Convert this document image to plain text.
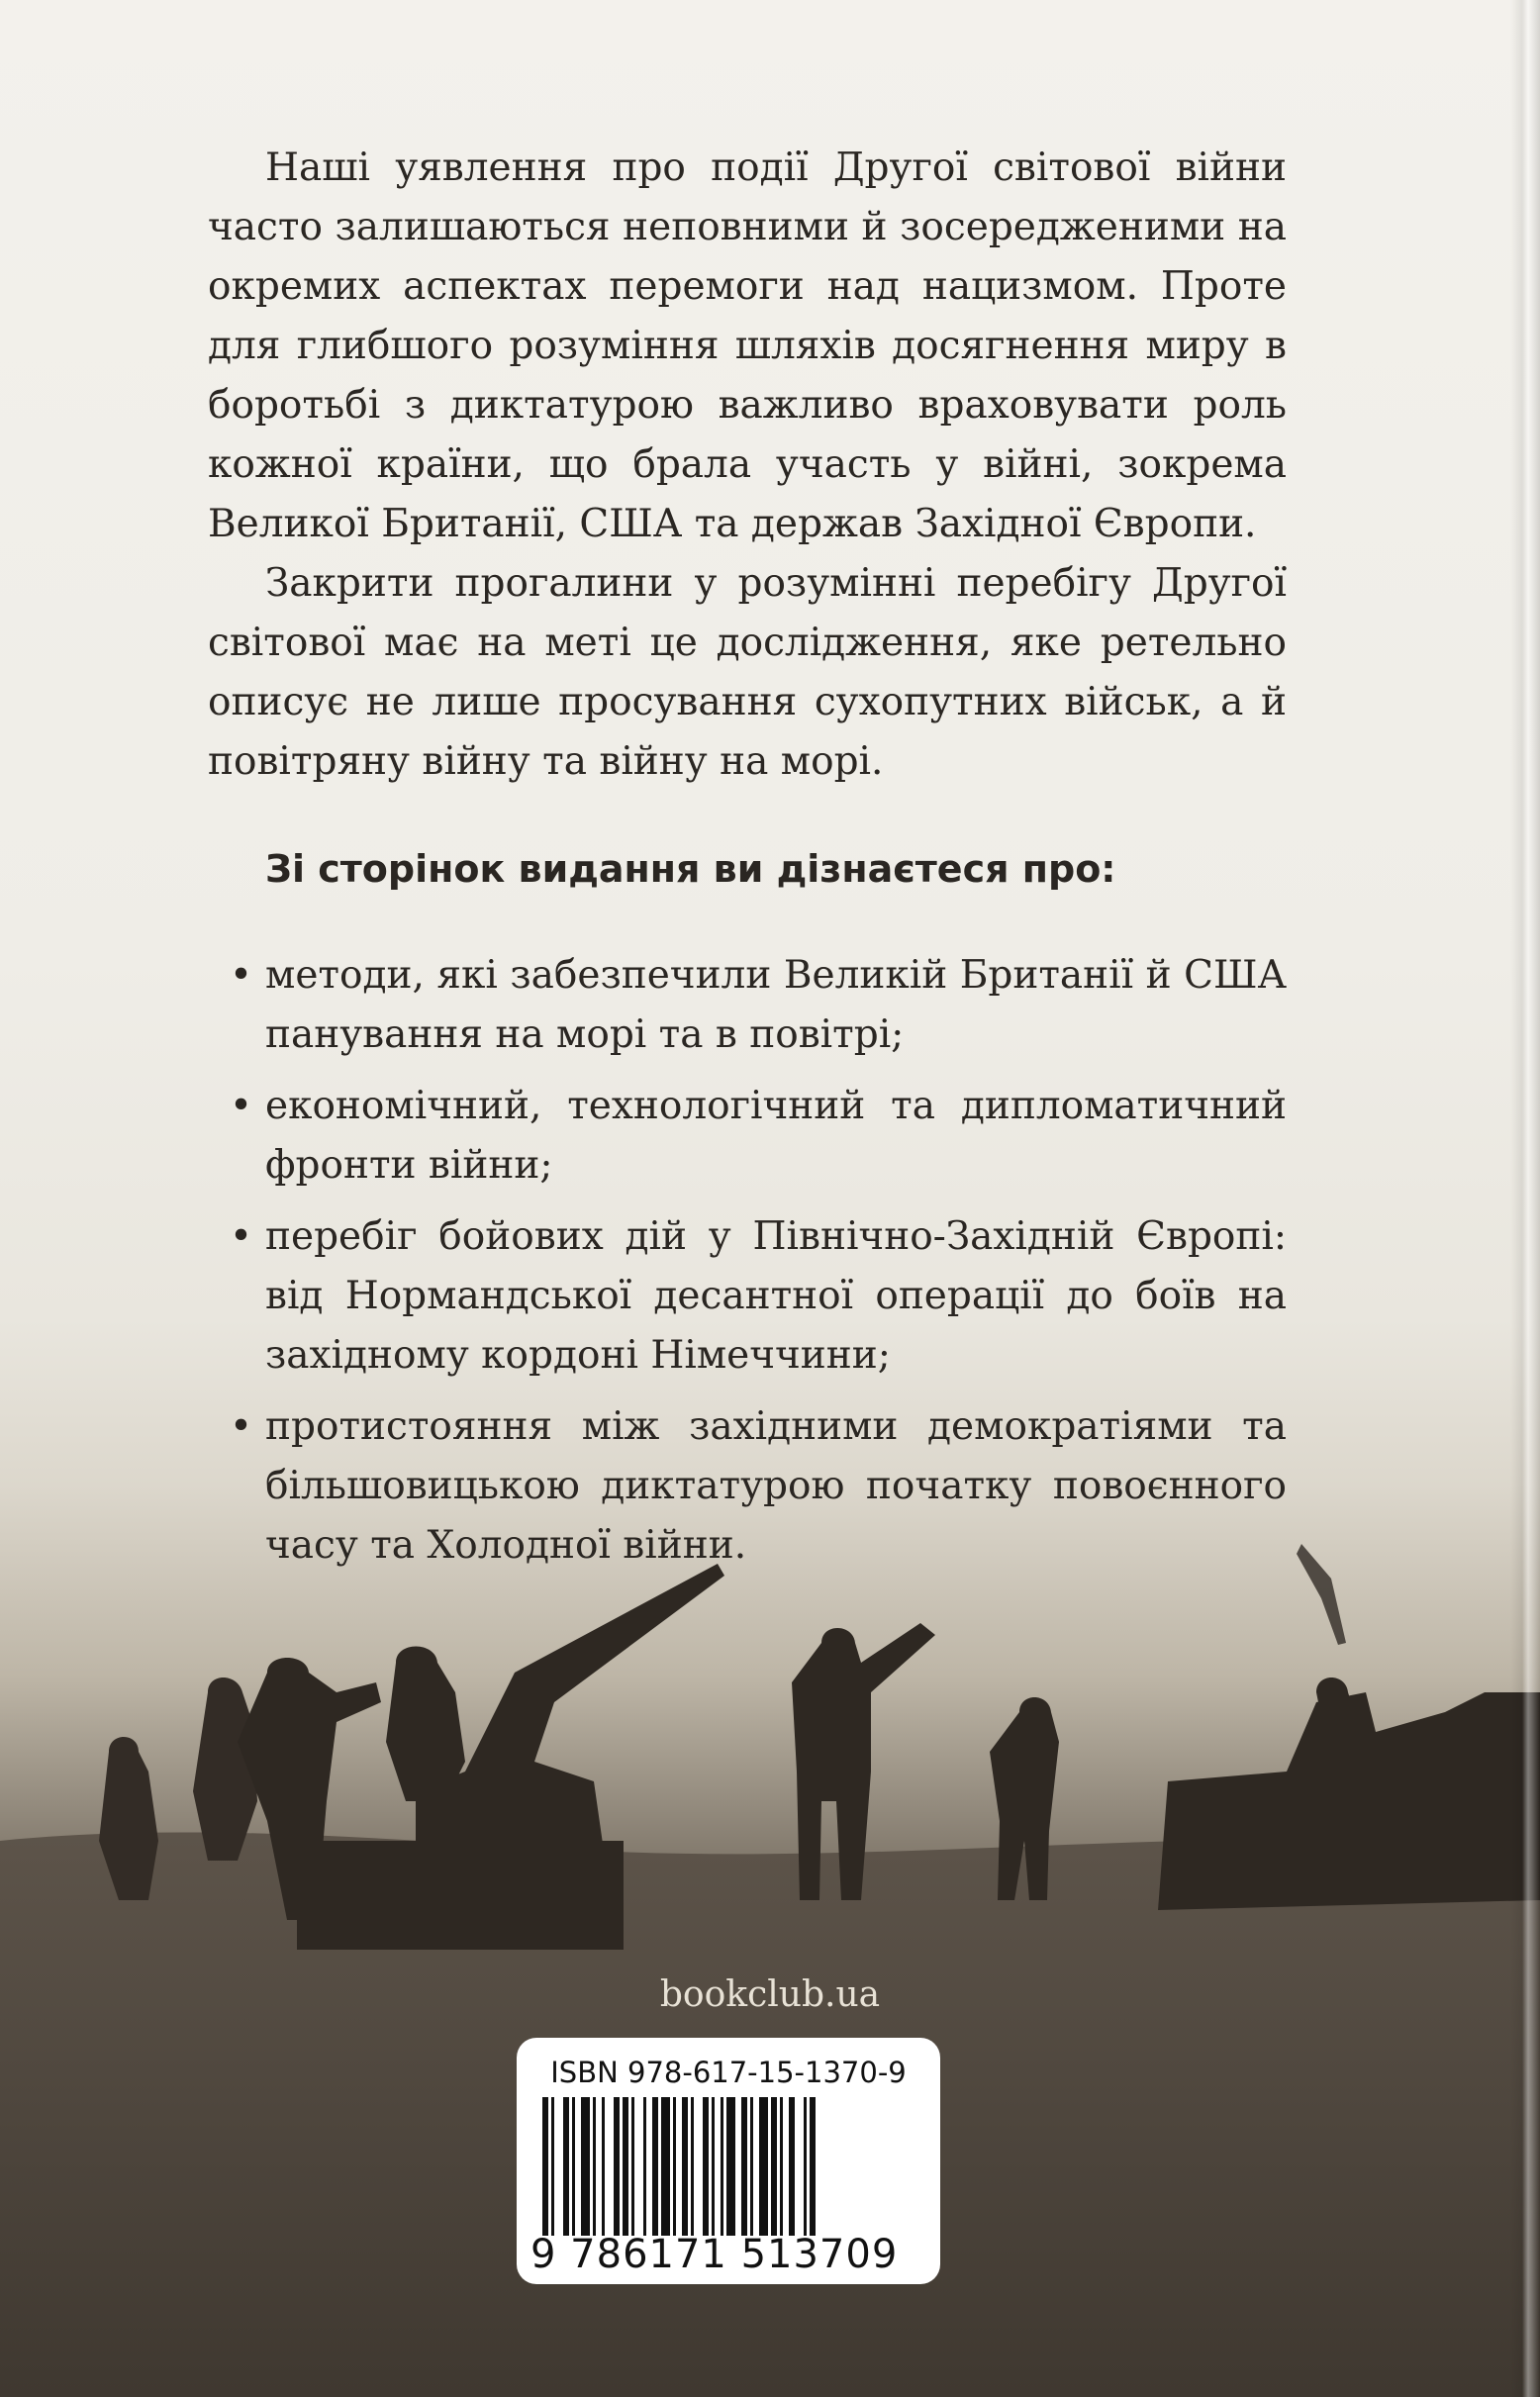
Наші уявлення про події Другої світової війни часто залишаються неповними й зосередженими на окремих аспектах перемоги над нацизмом. Проте для глибшого розуміння шляхів досягнення миру в боротьбі з диктатурою важливо враховувати роль кожної країни, що брала участь у війні, зокрема Великої Британії, США та держав Західної Європи.

Закрити прогалини у розумінні перебігу Другої світової має на меті це дослідження, яке ретельно описує не лише просування сухопутних військ, а й повітряну війну та війну на морі.

Зі сторінок видання ви дізнаєтеся про:
• методи, які забезпечили Великій Британії й США панування на морі та в повітрі;
• економічний, технологічний та дипломатичний фронти війни;
• перебіг бойових дій у Північно-Західній Європі: від Нормандської десантної операції до боїв на західному кордоні Німеччини;
• протистояння між західними демократіями та більшовицькою диктатурою початку повоєнного часу та Холодної війни.
bookclub.ua
ISBN 978-617-15-1370-9
9 786171 513709
